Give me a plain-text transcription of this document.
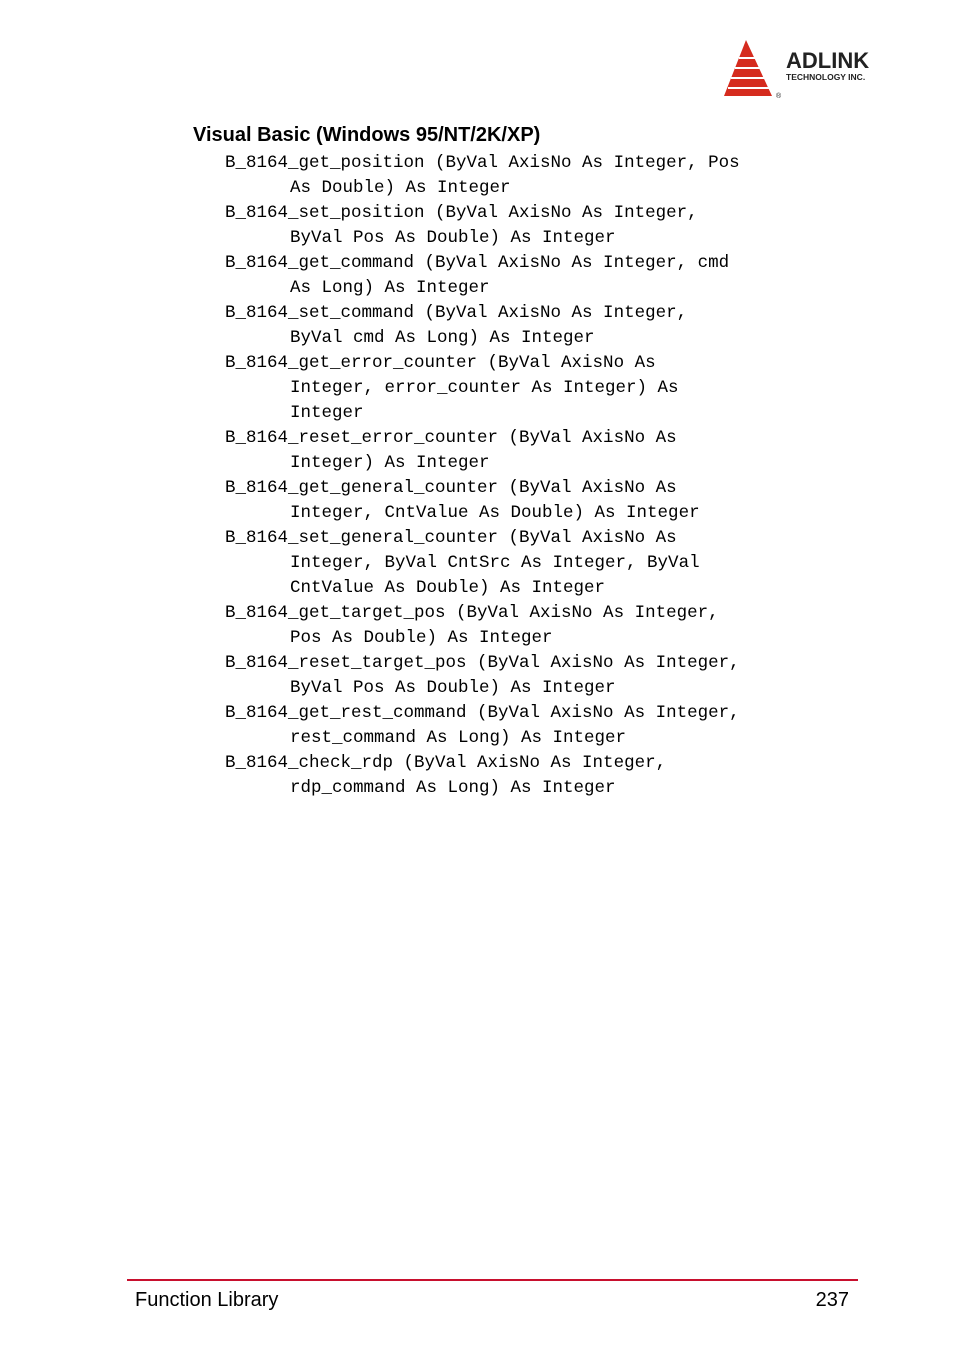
ADLINK
TECHNOLOGY INC.
®
Visual Basic (Windows 95/NT/2K/XP)
B_8164_get_position (ByVal AxisNo As Integer, Pos
As Double) As Integer
B_8164_set_position (ByVal AxisNo As Integer,
ByVal Pos As Double) As Integer
B_8164_get_command (ByVal AxisNo As Integer, cmd
As Long) As Integer
B_8164_set_command (ByVal AxisNo As Integer,
ByVal cmd As Long) As Integer
B_8164_get_error_counter (ByVal AxisNo As
Integer, error_counter As Integer) As
Integer
B_8164_reset_error_counter (ByVal AxisNo As
Integer) As Integer
B_8164_get_general_counter (ByVal AxisNo As
Integer, CntValue As Double) As Integer
B_8164_set_general_counter (ByVal AxisNo As
Integer, ByVal CntSrc As Integer, ByVal
CntValue As Double) As Integer
B_8164_get_target_pos (ByVal AxisNo As Integer,
Pos As Double) As Integer
B_8164_reset_target_pos (ByVal AxisNo As Integer,
ByVal Pos As Double) As Integer
B_8164_get_rest_command (ByVal AxisNo As Integer,
rest_command As Long) As Integer
B_8164_check_rdp (ByVal AxisNo As Integer,
rdp_command As Long) As Integer
Function Library	237
